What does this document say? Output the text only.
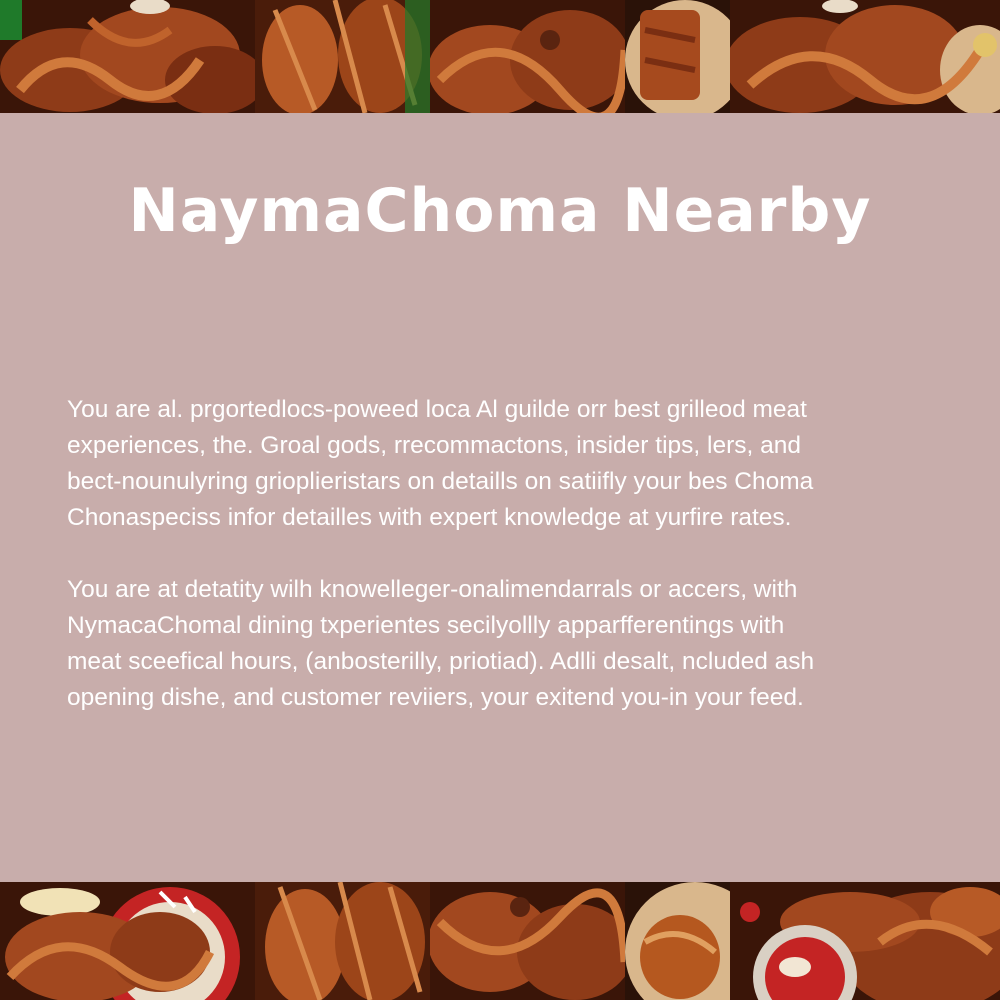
NaymaChoma Nearby

You are al. prgortedlocs-poweed loca Al guilde orr best grilleod meat
experiences, the. Groal gods, rrecommactons, insider tips, lers, and
bect-nounulyring grioplieristars on detaills on satiifly your bes Choma
Chonaspeciss infor detailles with expert knowledge at yurfire rates.

You are at detatity wilh knowelleger-onalimendarrals or accers, with
NymacaChomal dining txperientes secilyollly apparfferentings with
meat sceefical hours, (anbosterilly, priotiad). Adlli desalt, ncluded ash
opening dishe, and customer reviiers, your exitend you-in your feed.
